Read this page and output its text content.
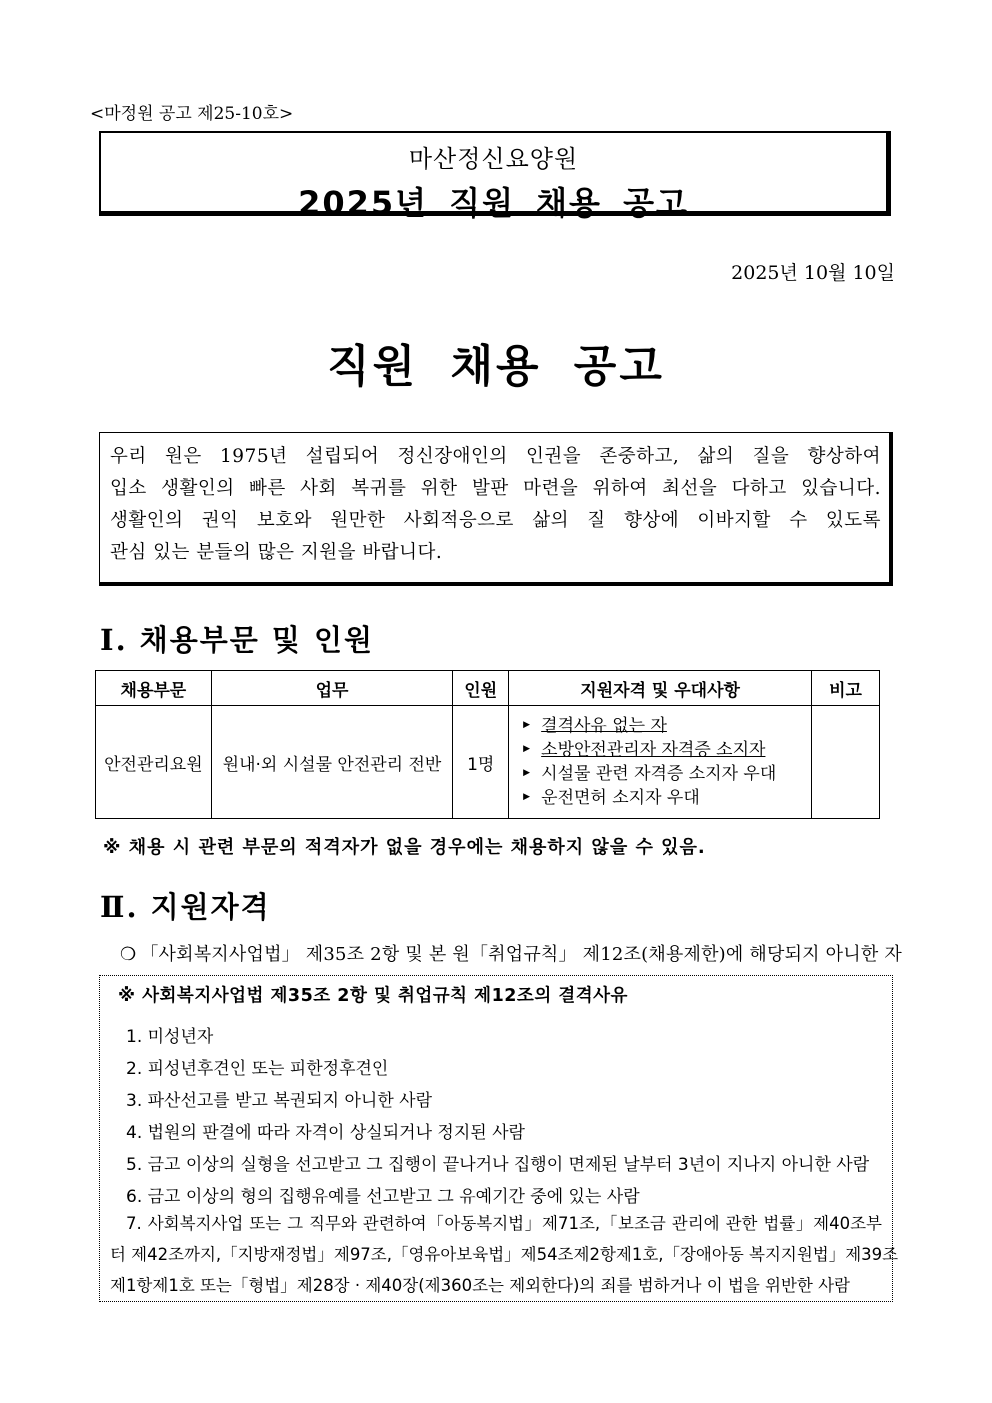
<마정원 공고 제25-10호>
마산정신요양원
2025년 직원 채용 공고
2025년 10월 10일
직원 채용 공고
우리 원은 1975년 설립되어 정신장애인의 인권을 존중하고, 삶의 질을 향상하여
입소 생활인의 빠른 사회 복귀를 위한 발판 마련을 위하여 최선을 다하고 있습니다.
생활인의 권익 보호와 원만한 사회적응으로 삶의 질 향상에 이바지할 수 있도록
관심 있는 분들의 많은 지원을 바랍니다.
Ⅰ. 채용부문 및 인원
채용부문	업무	인원	지원자격 및 우대사항	비고
안전관리요원	원내·외 시설물 안전관리 전반	1명	▶ 결격사유 없는 자
▶ 소방안전관리자 자격증 소지자
▶ 시설물 관련 자격증 소지자 우대
▶ 운전면허 소지자 우대	

※ 채용 시 관련 부문의 적격자가 없을 경우에는 채용하지 않을 수 있음.
Ⅱ. 지원자격
❍ 「사회복지사업법」 제35조 2항 및 본 원「취업규칙」 제12조(채용제한)에 해당되지 아니한 자
※ 사회복지사업법 제35조 2항 및 취업규칙 제12조의 결격사유
1. 미성년자
2. 피성년후견인 또는 피한정후견인
3. 파산선고를 받고 복권되지 아니한 사람
4. 법원의 판결에 따라 자격이 상실되거나 정지된 사람
5. 금고 이상의 실형을 선고받고 그 집행이 끝나거나 집행이 면제된 날부터 3년이 지나지 아니한 사람
6. 금고 이상의 형의 집행유예를 선고받고 그 유예기간 중에 있는 사람
7. 사회복지사업 또는 그 직무와 관련하여「아동복지법」제71조,「보조금 관리에 관한 법률」제40조부
터 제42조까지,「지방재정법」제97조,「영유아보육법」제54조제2항제1호,「장애아동 복지지원법」제39조
제1항제1호 또는「형법」제28장 · 제40장(제360조는 제외한다)의 죄를 범하거나 이 법을 위반한 사람
